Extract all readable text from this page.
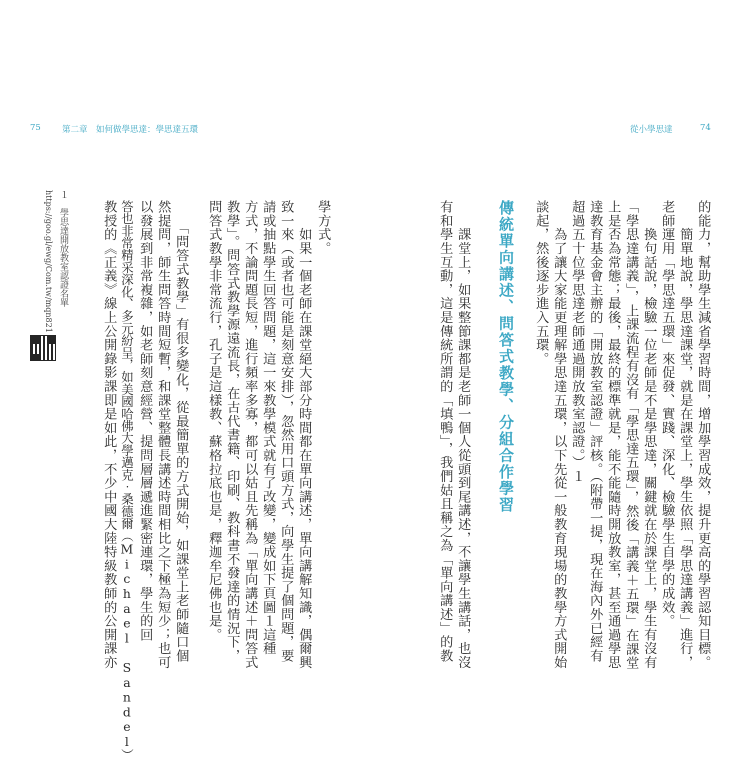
75 第二章　如何做學思達：學思達五環
學方式。
　　如果一個老師在課堂絕大部分時間都在單向講述，單向講解知識，偶爾興
致一來（或者也可能是刻意安排），忽然用口頭方式，向學生提了個問題，要
請或抽點學生回答問題，這一來教學模式就有了改變，變成如下頁圖１這種
方式，不論問題長短，進行頻率多寡，都可以姑且先稱為「單向講述＋問答式
教學」。問答式教學源遠流長，在古代書籍、印刷、教科書不發達的情況下，
問答式教學非常流行，孔子是這樣教、蘇格拉底也是，釋迦牟尼佛也是。
　　「問答式教學」有很多變化，從最簡單的方式開始，如課堂上老師隨口個
然提問，師生問答時間短暫，和課堂整體長講述時間相比之下極為短少；也可
以發展到非常複雜，如老師刻意經營、提問層層遞進緊密連環，學生的回
答也非常精采深化、多元紛呈，如美國哈佛大學邁克‧桑德爾（Michael Sandel）
教授的《正義》線上公開錄影課即是如此，不少中國大陸特級教師的公開課亦
１　學思達開放教室認證名單
https://goo.gl/ewg/Com.tw/mqn821
從小學思達	74
的能力，幫助學生減省學習時間，增加學習成效，提升更高的學習認知目標。
　　簡單地說，學思達課堂，就是在課堂上，學生依照「學思達講義」進行，
老師運用「學思達五環」來促發、實踐、深化、檢驗學生自學的成效。
　　換句話說，檢驗一位老師是不是學思達，關鍵就在於課堂上，學生有沒有
「學思達講義」，上課流程有沒有「學思達五環」，然後「講義＋五環」在課堂
上是否為常態；最後，最終的標準就是，能不能隨時開放教室，甚至通過學思
達教育基金會主辦的「開放教室認證」評核。（附帶一提，現在海內外已經有
超過五十位學思達老師通過開放教室認證。）１
　　為了讓大家能更理解學思達五環，以下先從一般教育現場的教學方式開始
談起，然後逐步進入五環。
傳統單向講述、問答式教學、分組合作學習
　　課堂上，如果整節課都是老師一個人從頭到尾講述，不讓學生講話，也沒
有和學生互動，這是傳統所謂的「填鴨」，我們姑且稱之為「單向講述」的教
